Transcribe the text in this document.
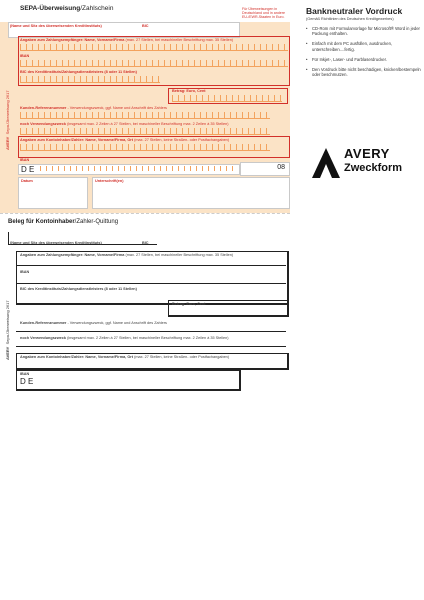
SEPA-Überweisung/Zahlschein	Für Überweisungen in Deutschland und in andere EU-/EWR-Staaten in Euro.
(Name und Sitz des überweisenden Kreditinstituts)	BIC
AVERY  Sepa-Überweisung 2617
Angaben zum Zahlungsempfänger: Name, Vorname/Firma (max. 27 Stellen, bei maschineller Beschriftung max. 35 Stellen)
IBAN
BIC des Kreditinstituts/Zahlungsdienstleisters (8 oder 11 Stellen)
Betrag: Euro, Cent
Kunden-Referenznummer - Verwendungszweck, ggf. Name und Anschrift des Zahlers
noch Verwendungszweck (insgesamt max. 2 Zeilen à 27 Stellen, bei maschineller Beschriftung max. 2 Zeilen à 35 Stellen)
Angaben zum Kontoinhaber/Zahler: Name, Vorname/Firma, Ort (max. 27 Stellen, keine Straßen- oder Postfachangaben)
IBAN
D E	08
Datum	Unterschrift(en)
Bankneutraler Vordruck
(Gemäß Richtlinien des Deutschen Kreditgewerbes)
• CD-Rom mit Formularvorlage für Microsoft® Word in jeder Packung enthalten.
• Einfach mit dem PC ausfüllen, ausdrucken, unterschreiben....fertig.
• Für Inkjet-, Laser- und Farblaserdrucker.
• Den Vordruck bitte nicht beschädigen, knicken/bestempeln oder beschmutzen.
AVERY
Zweckform
Beleg für Kontoinhaber/Zahler-Quittung
(Name und Sitz des überweisenden Kreditinstituts)	BIC
AVERY  Sepa-Überweisung 2617
Angaben zum Zahlungsempfänger: Name, Vorname/Firma (max. 27 Stellen, bei maschineller Beschriftung max. 35 Stellen)
IBAN
BIC des Kreditinstituts/Zahlungsdienstleisters (8 oder 11 Stellen)
Betrag: Euro, Cent
Kunden-Referenznummer - Verwendungszweck, ggf. Name und Anschrift des Zahlers
noch Verwendungszweck (insgesamt max. 2 Zeilen à 27 Stellen, bei maschineller Beschriftung max. 2 Zeilen à 35 Stellen)
Angaben zum Kontoinhaber/Zahler: Name, Vorname/Firma, Ort (max. 27 Stellen, keine Straßen- oder Postfachangaben)
IBAN
D E
